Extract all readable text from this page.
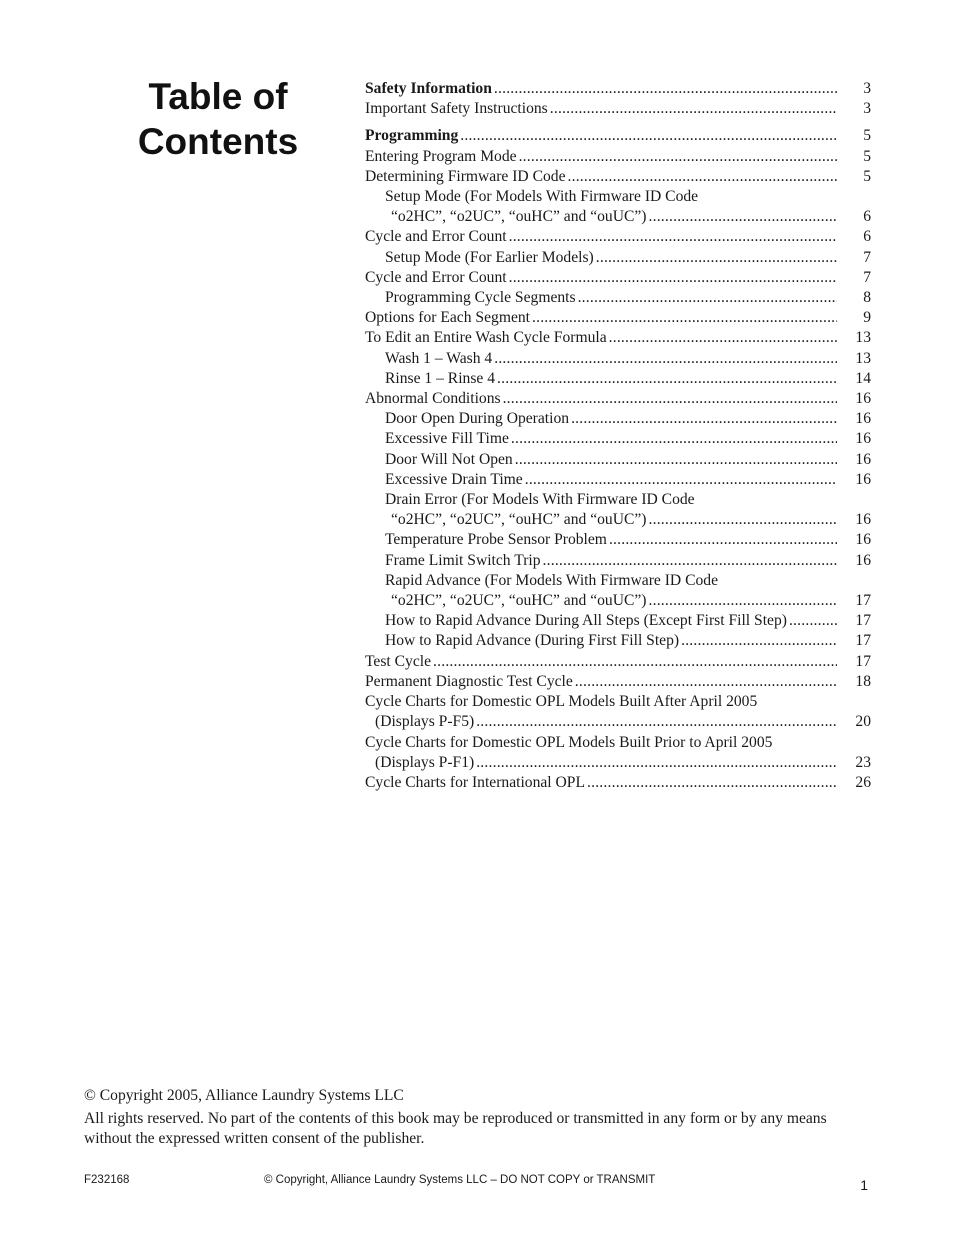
Table of
Contents
Safety Information .....	3
Important Safety Instructions .....	3
Programming .....	5
Entering Program Mode .....	5
Determining Firmware ID Code .....	5
Setup Mode (For Models With Firmware ID Code
“o2HC”, “o2UC”, “ouHC” and “ouUC”) .....	6
Cycle and Error Count .....	6
Setup Mode (For Earlier Models) .....	7
Cycle and Error Count .....	7
Programming Cycle Segments .....	8
Options for Each Segment .....	9
To Edit an Entire Wash Cycle Formula .....	13
Wash 1 – Wash 4 .....	13
Rinse 1 – Rinse 4 .....	14
Abnormal Conditions .....	16
Door Open During Operation .....	16
Excessive Fill Time .....	16
Door Will Not Open .....	16
Excessive Drain Time .....	16
Drain Error (For Models With Firmware ID Code
“o2HC”, “o2UC”, “ouHC” and “ouUC”) .....	16
Temperature Probe Sensor Problem .....	16
Frame Limit Switch Trip .....	16
Rapid Advance (For Models With Firmware ID Code
“o2HC”, “o2UC”, “ouHC” and “ouUC”) .....	17
How to Rapid Advance During All Steps (Except First Fill Step) .....	17
How to Rapid Advance (During First Fill Step) .....	17
Test Cycle .....	17
Permanent Diagnostic Test Cycle .....	18
Cycle Charts for Domestic OPL Models Built After April 2005
(Displays P-F5) .....	20
Cycle Charts for Domestic OPL Models Built Prior to April 2005
(Displays P-F1) .....	23
Cycle Charts for International OPL .....	26

© Copyright 2005, Alliance Laundry Systems LLC

All rights reserved. No part of the contents of this book may be reproduced or transmitted in any form or by any means without the expressed written consent of the publisher.

F232168	© Copyright, Alliance Laundry Systems LLC – DO NOT COPY or TRANSMIT	1
